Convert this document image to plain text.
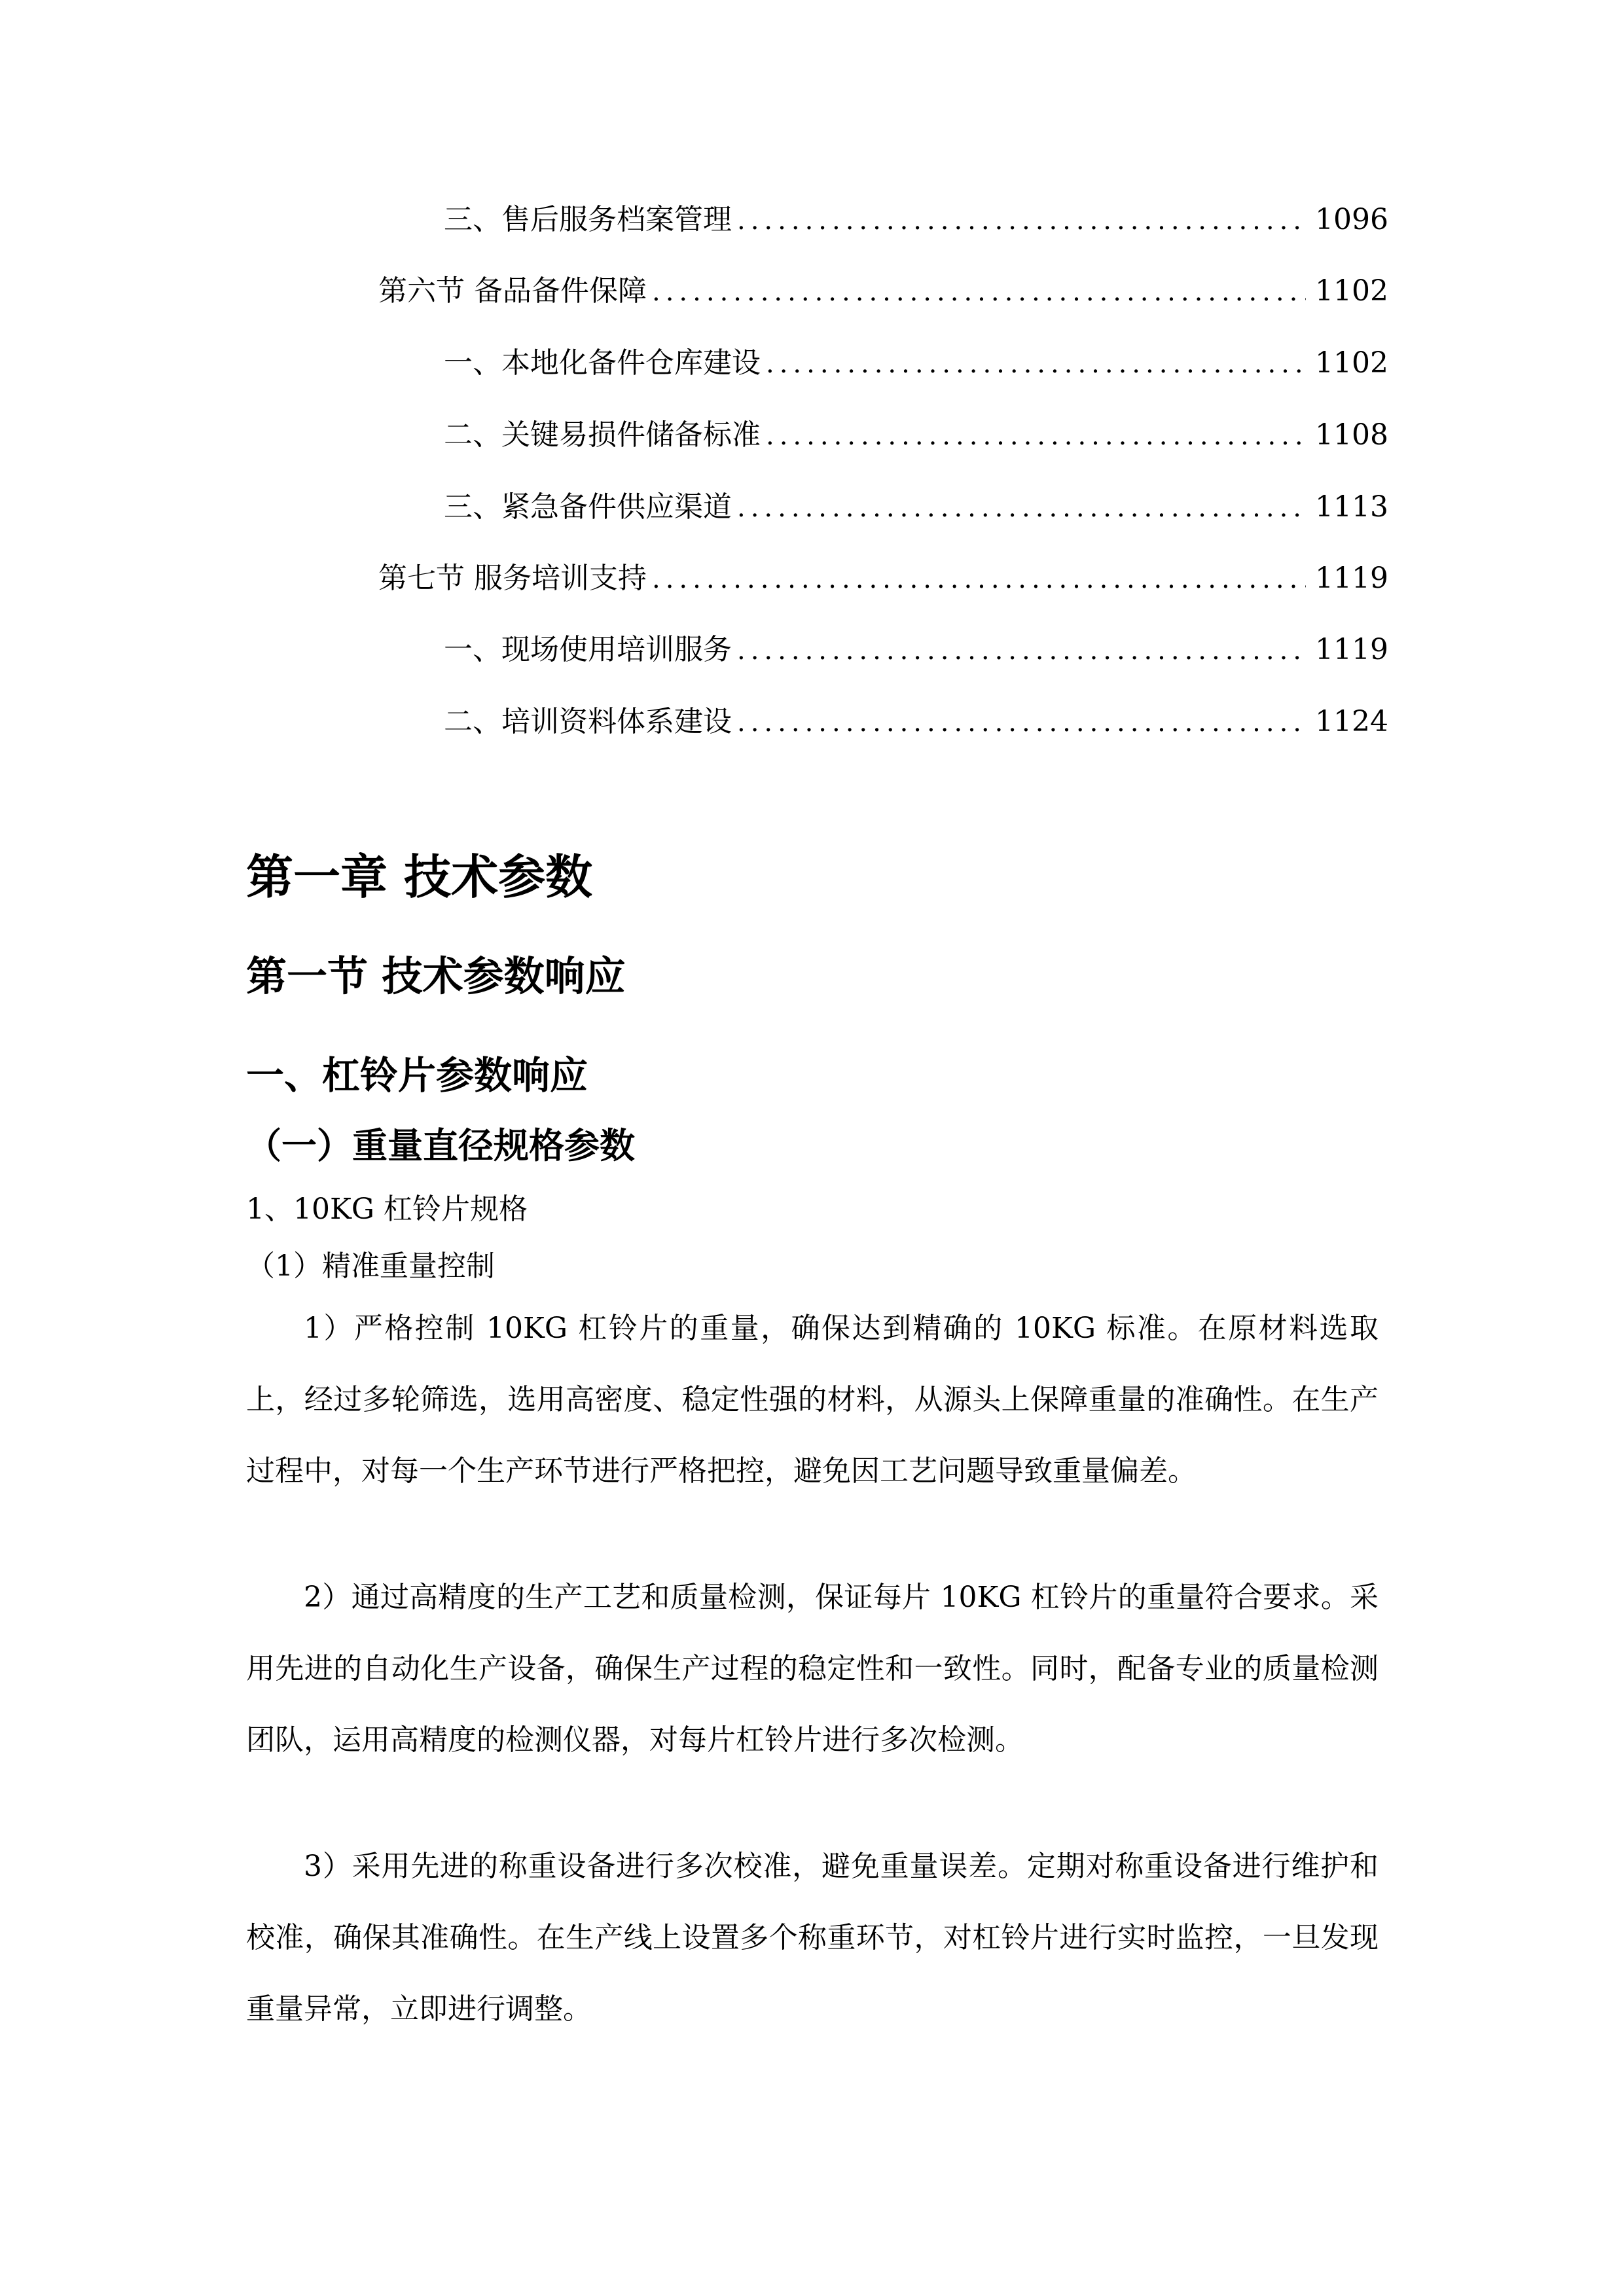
三、 售后服务档案管理 .....	1096
第六节 备品备件保障 .....	1102
一、 本地化备件仓库建设 .....	1102
二、 关键易损件储备标准 .....	1108
三、 紧急备件供应渠道 .....	1113
第七节 服务培训支持 .....	1119
一、 现场使用培训服务 .....	1119
二、 培训资料体系建设 .....	1124
第一章 技术参数
第一节 技术参数响应
一、杠铃片参数响应
（一）重量直径规格参数

1、10KG 杠铃片规格

（1）精准重量控制

1）严格控制 10KG 杠铃片的重量，确保达到精确的 10KG 标准。在原材料选取上，经过多轮筛选，选用高密度、稳定性强的材料，从源头上保障重量的准确性。在生产过程中，对每一个生产环节进行严格把控，避免因工艺问题导致重量偏差。

2）通过高精度的生产工艺和质量检测，保证每片 10KG 杠铃片的重量符合要求。采用先进的自动化生产设备，确保生产过程的稳定性和一致性。同时，配备专业的质量检测团队，运用高精度的检测仪器，对每片杠铃片进行多次检测。

3）采用先进的称重设备进行多次校准，避免重量误差。定期对称重设备进行维护和校准，确保其准确性。在生产线上设置多个称重环节，对杠铃片进行实时监控，一旦发现重量异常，立即进行调整。
